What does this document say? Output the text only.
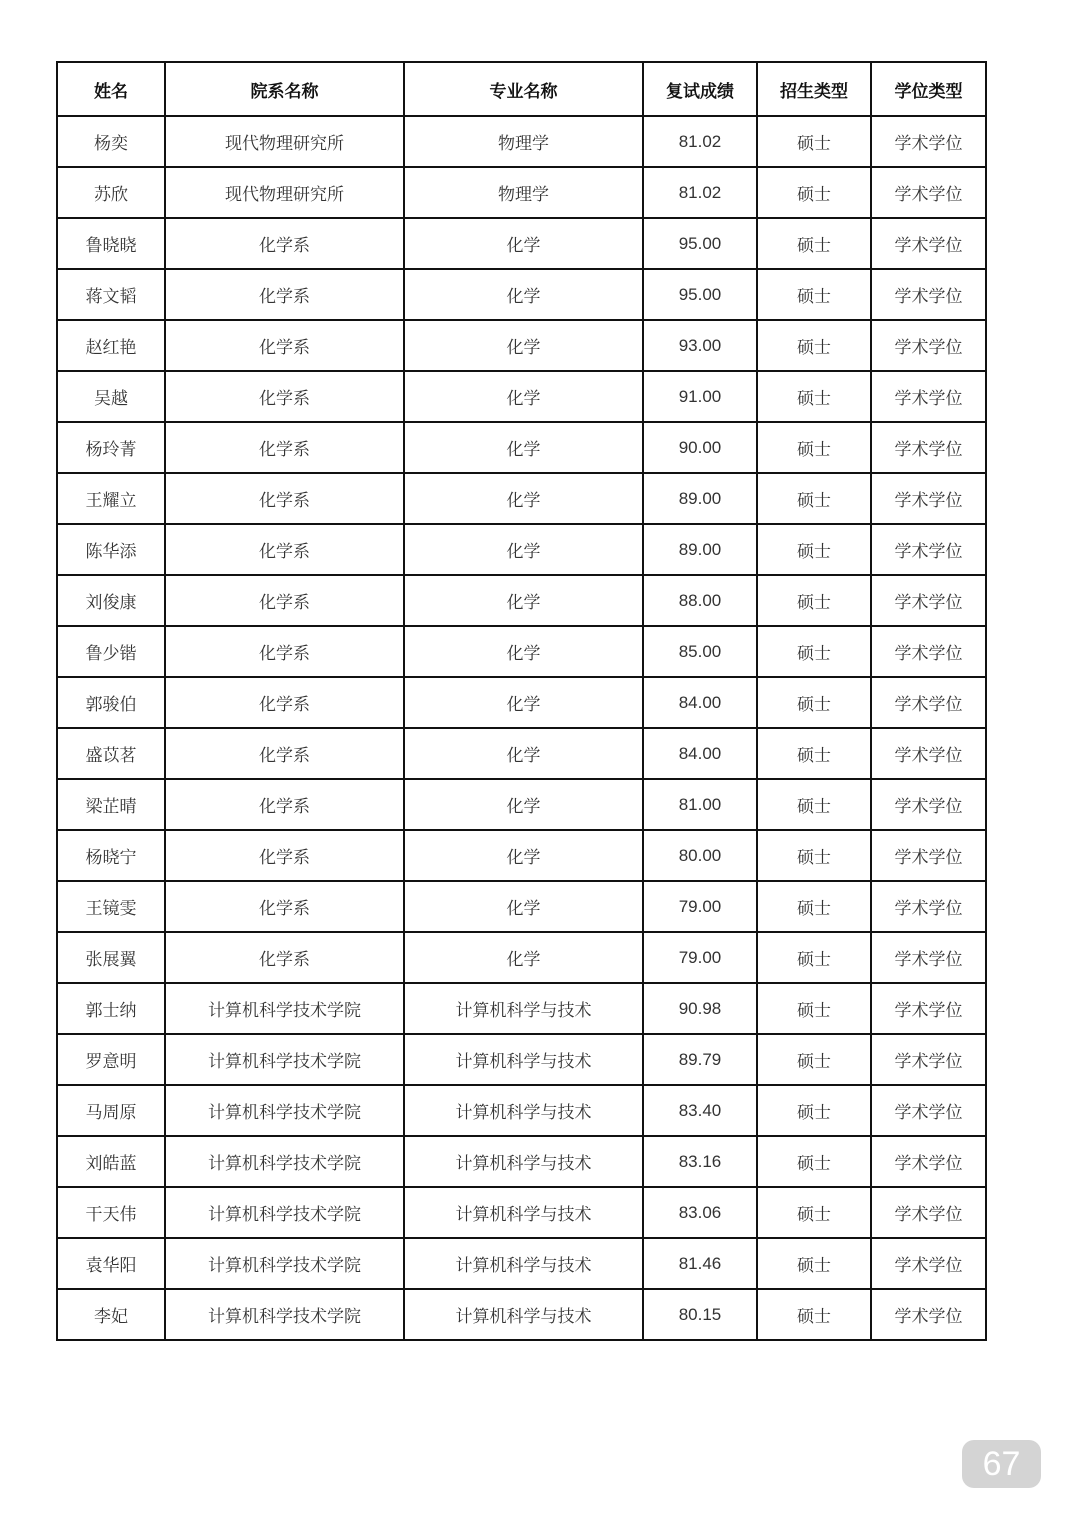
姓名	院系名称	专业名称	复试成绩	招生类型	学位类型
杨奕	现代物理研究所	物理学	81.02	硕士	学术学位
苏欣	现代物理研究所	物理学	81.02	硕士	学术学位
鲁晓晓	化学系	化学	95.00	硕士	学术学位
蒋文韬	化学系	化学	95.00	硕士	学术学位
赵红艳	化学系	化学	93.00	硕士	学术学位
吴越	化学系	化学	91.00	硕士	学术学位
杨玲菁	化学系	化学	90.00	硕士	学术学位
王耀立	化学系	化学	89.00	硕士	学术学位
陈华添	化学系	化学	89.00	硕士	学术学位
刘俊康	化学系	化学	88.00	硕士	学术学位
鲁少锴	化学系	化学	85.00	硕士	学术学位
郭骏伯	化学系	化学	84.00	硕士	学术学位
盛苡茗	化学系	化学	84.00	硕士	学术学位
梁芷晴	化学系	化学	81.00	硕士	学术学位
杨晓宁	化学系	化学	80.00	硕士	学术学位
王镜雯	化学系	化学	79.00	硕士	学术学位
张展翼	化学系	化学	79.00	硕士	学术学位
郭士纳	计算机科学技术学院	计算机科学与技术	90.98	硕士	学术学位
罗意明	计算机科学技术学院	计算机科学与技术	89.79	硕士	学术学位
马周原	计算机科学技术学院	计算机科学与技术	83.40	硕士	学术学位
刘皓蓝	计算机科学技术学院	计算机科学与技术	83.16	硕士	学术学位
干天伟	计算机科学技术学院	计算机科学与技术	83.06	硕士	学术学位
袁华阳	计算机科学技术学院	计算机科学与技术	81.46	硕士	学术学位
李妃	计算机科学技术学院	计算机科学与技术	80.15	硕士	学术学位
67
